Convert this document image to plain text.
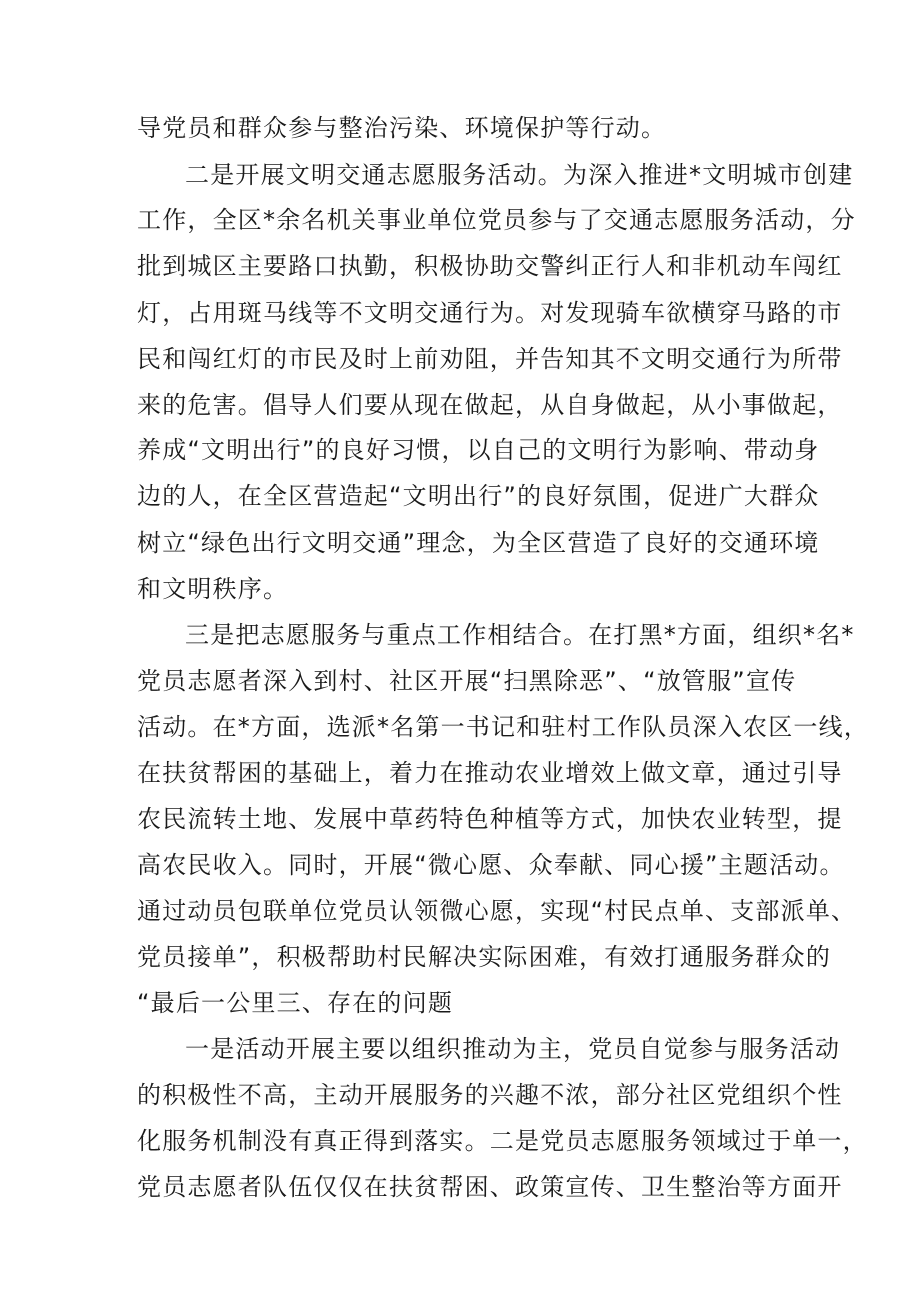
导党员和群众参与整治污染、环境保护等行动。
二是开展文明交通志愿服务活动。为深入推进*文明城市创建
工作，全区*余名机关事业单位党员参与了交通志愿服务活动，分
批到城区主要路口执勤，积极协助交警纠正行人和非机动车闯红
灯，占用斑马线等不文明交通行为。对发现骑车欲横穿马路的市
民和闯红灯的市民及时上前劝阻，并告知其不文明交通行为所带
来的危害。倡导人们要从现在做起，从自身做起，从小事做起，
养成“文明出行”的良好习惯，以自己的文明行为影响、带动身
边的人，在全区营造起“文明出行”的良好氛围，促进广大群众
树立“绿色出行文明交通”理念，为全区营造了良好的交通环境
和文明秩序。
三是把志愿服务与重点工作相结合。在打黑*方面，组织*名*
党员志愿者深入到村、社区开展“扫黑除恶”、“放管服”宣传
活动。在*方面，选派*名第一书记和驻村工作队员深入农区一线，
在扶贫帮困的基础上，着力在推动农业增效上做文章，通过引导
农民流转土地、发展中草药特色种植等方式，加快农业转型，提
高农民收入。同时，开展“微心愿、众奉献、同心援”主题活动。
通过动员包联单位党员认领微心愿，实现“村民点单、支部派单、
党员接单”，积极帮助村民解决实际困难，有效打通服务群众的
“最后一公里三、存在的问题
一是活动开展主要以组织推动为主，党员自觉参与服务活动
的积极性不高，主动开展服务的兴趣不浓，部分社区党组织个性
化服务机制没有真正得到落实。二是党员志愿服务领域过于单一，
党员志愿者队伍仅仅在扶贫帮困、政策宣传、卫生整治等方面开
